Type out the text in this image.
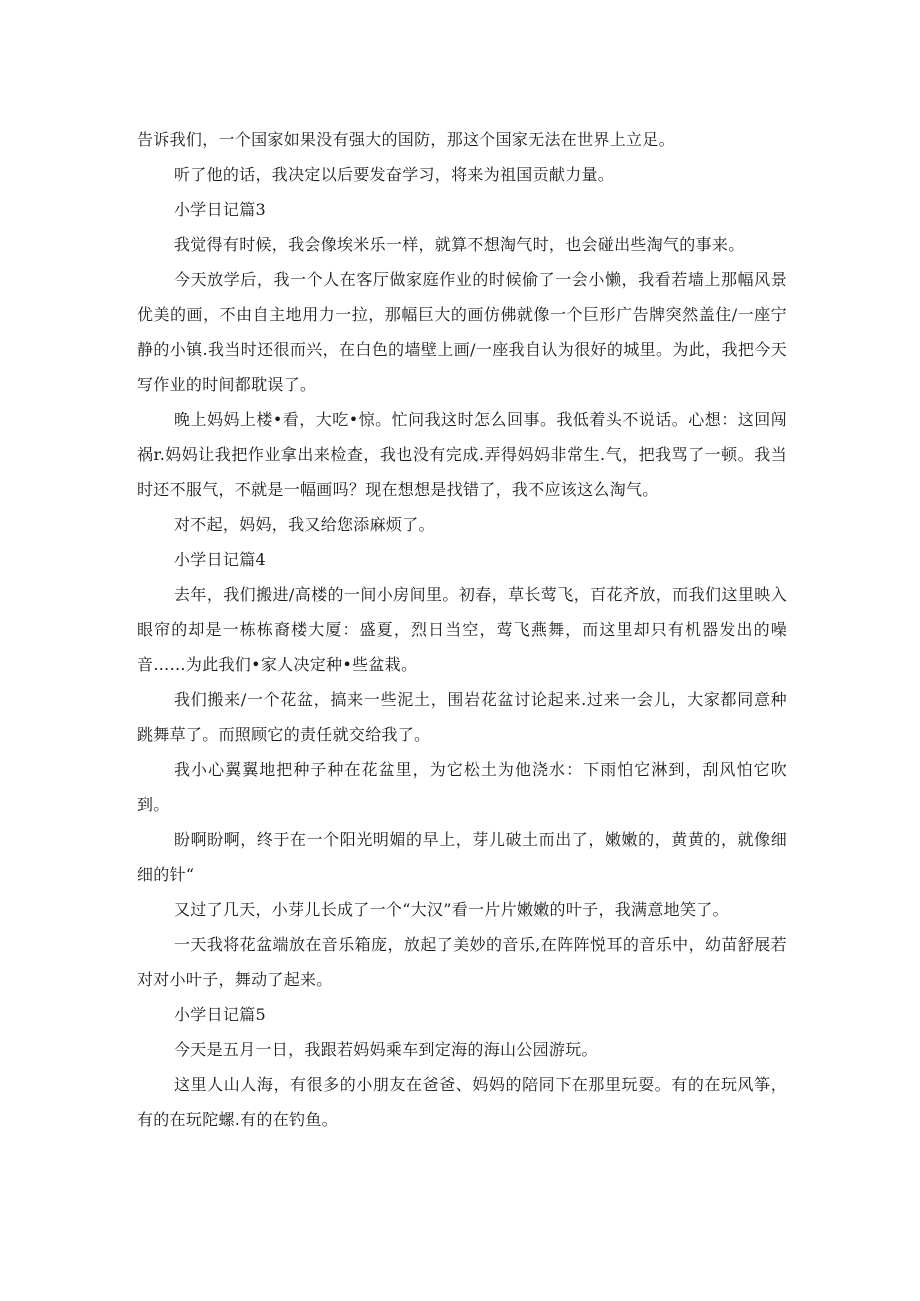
告诉我们，一个国家如果没有强大的国防，那这个国家无法在世界上立足。

听了他的话，我决定以后要发奋学习，将来为祖国贡献力量。

小学日记篇3

我觉得有时候，我会像埃米乐一样，就算不想淘气时，也会碰出些淘气的事来。

今天放学后，我一个人在客厅做家庭作业的时候偷了一会小懒，我看若墙上那幅风景优美的画，不由自主地用力一拉，那幅巨大的画仿佛就像一个巨形广告牌突然盖住/一座宁静的小镇.我当时还很而兴，在白色的墙壁上画/一座我自认为很好的城里。为此，我把今天写作业的时间都耽误了。

晚上妈妈上楼•看，大吃•惊。忙问我这时怎么回事。我低着头不说话。心想：这回闯祸r.妈妈让我把作业拿出来检查，我也没有完成.弄得妈妈非常生.气，把我骂了一顿。我当时还不服气，不就是一幅画吗？现在想想是找错了，我不应该这么淘气。

对不起，妈妈，我又给您添麻烦了。

小学日记篇4

去年，我们搬进/高楼的一间小房间里。初春，草长莺飞，百花齐放，而我们这里映入眼帘的却是一栋栋裔楼大厦：盛夏，烈日当空，莺飞燕舞，而这里却只有机器发出的噪音……为此我们•家人决定种•些盆栽。

我们搬来/一个花盆，搞来一些泥土，围岩花盆讨论起来.过来一会儿，大家都同意种跳舞草了。而照顾它的责任就交给我了。

我小心翼翼地把种子种在花盆里，为它松土为他浇水：下雨怕它淋到，刮风怕它吹到。

盼啊盼啊，终于在一个阳光明媚的早上，芽儿破土而出了，嫩嫩的，黄黄的，就像细细的针“

又过了几天，小芽儿长成了一个“大汉”看一片片嫩嫩的叶子，我满意地笑了。

一天我将花盆端放在音乐箱庞，放起了美妙的音乐,在阵阵悦耳的音乐中，幼苗舒展若对对小叶子，舞动了起来。

小学日记篇5

今天是五月一日，我跟若妈妈乘车到定海的海山公园游玩。

这里人山人海，有很多的小朋友在爸爸、妈妈的陪同下在那里玩耍。有的在玩风筝，有的在玩陀螺.有的在钓鱼。
